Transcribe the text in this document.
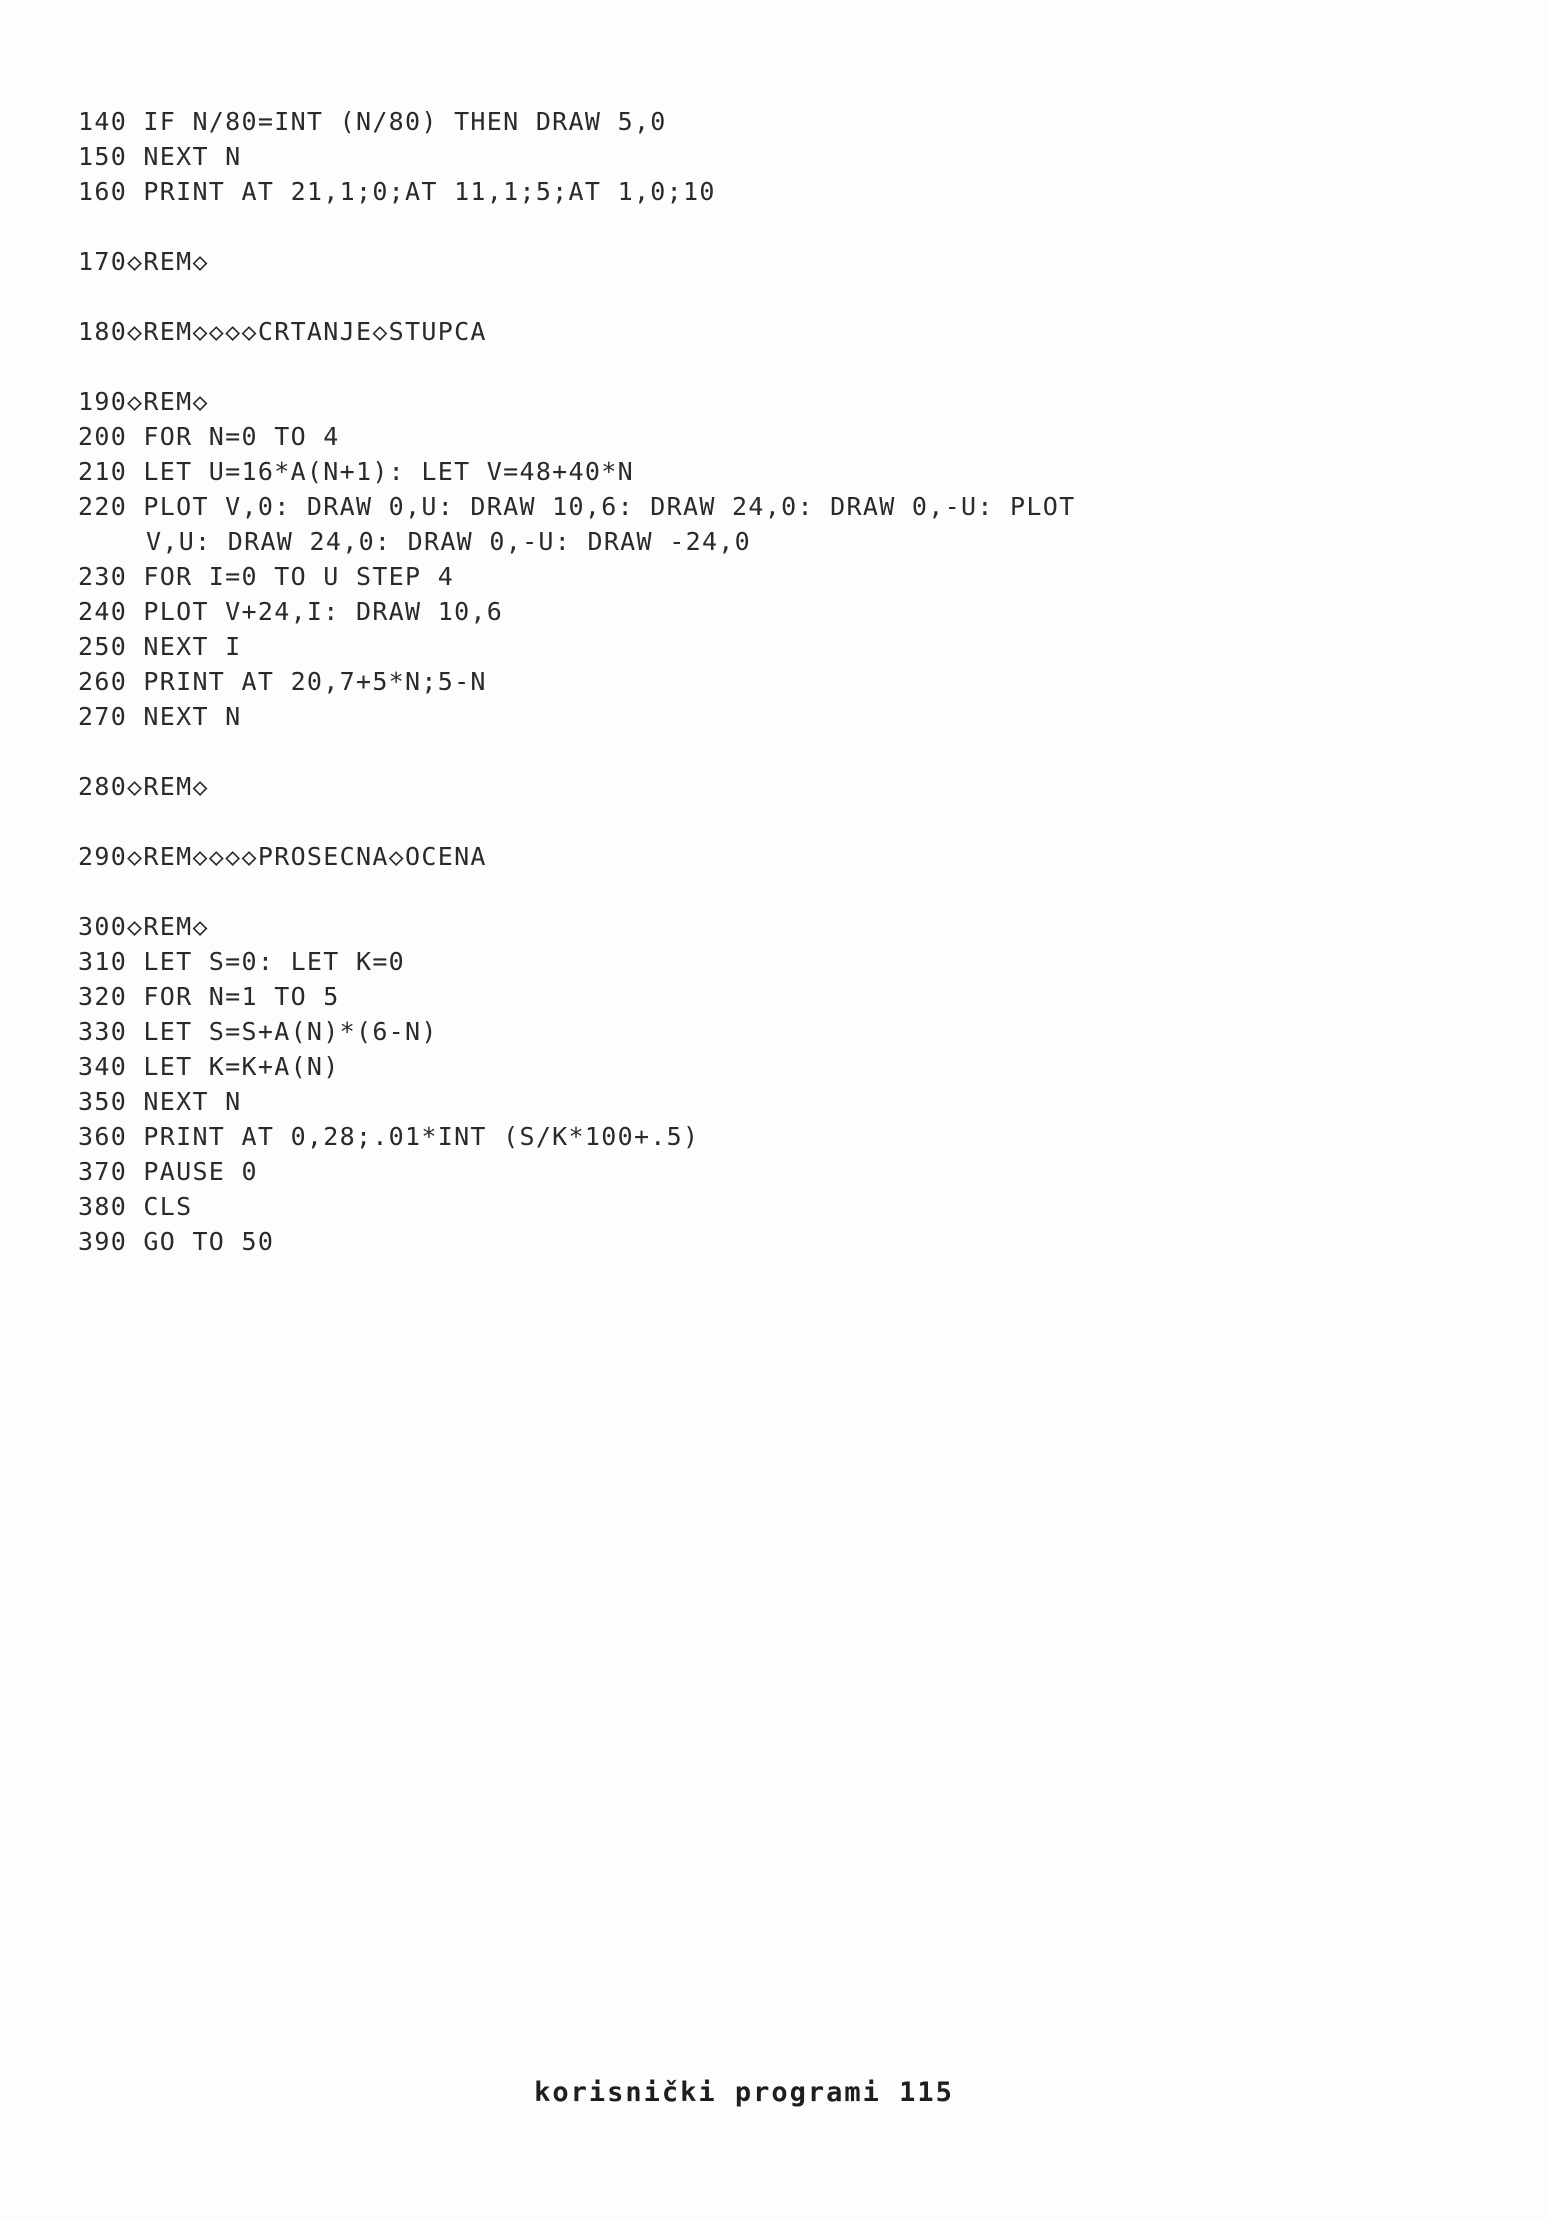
140 IF N/80=INT (N/80) THEN DRAW 5,0
150 NEXT N
160 PRINT AT 21,1;0;AT 11,1;5;AT 1,0;10
170◇REM◇
180◇REM◇◇◇◇CRTANJE◇STUPCA
190◇REM◇
200 FOR N=0 TO 4
210 LET U=16*A(N+1): LET V=48+40*N
220 PLOT V,0: DRAW 0,U: DRAW 10,6: DRAW 24,0: DRAW 0,-U: PLOT
V,U: DRAW 24,0: DRAW 0,-U: DRAW -24,0
230 FOR I=0 TO U STEP 4
240 PLOT V+24,I: DRAW 10,6
250 NEXT I
260 PRINT AT 20,7+5*N;5-N
270 NEXT N
280◇REM◇
290◇REM◇◇◇◇PROSECNA◇OCENA
300◇REM◇
310 LET S=0: LET K=0
320 FOR N=1 TO 5
330 LET S=S+A(N)*(6-N)
340 LET K=K+A(N)
350 NEXT N
360 PRINT AT 0,28;.01*INT (S/K*100+.5)
370 PAUSE 0
380 CLS
390 GO TO 50
korisnički programi 115
